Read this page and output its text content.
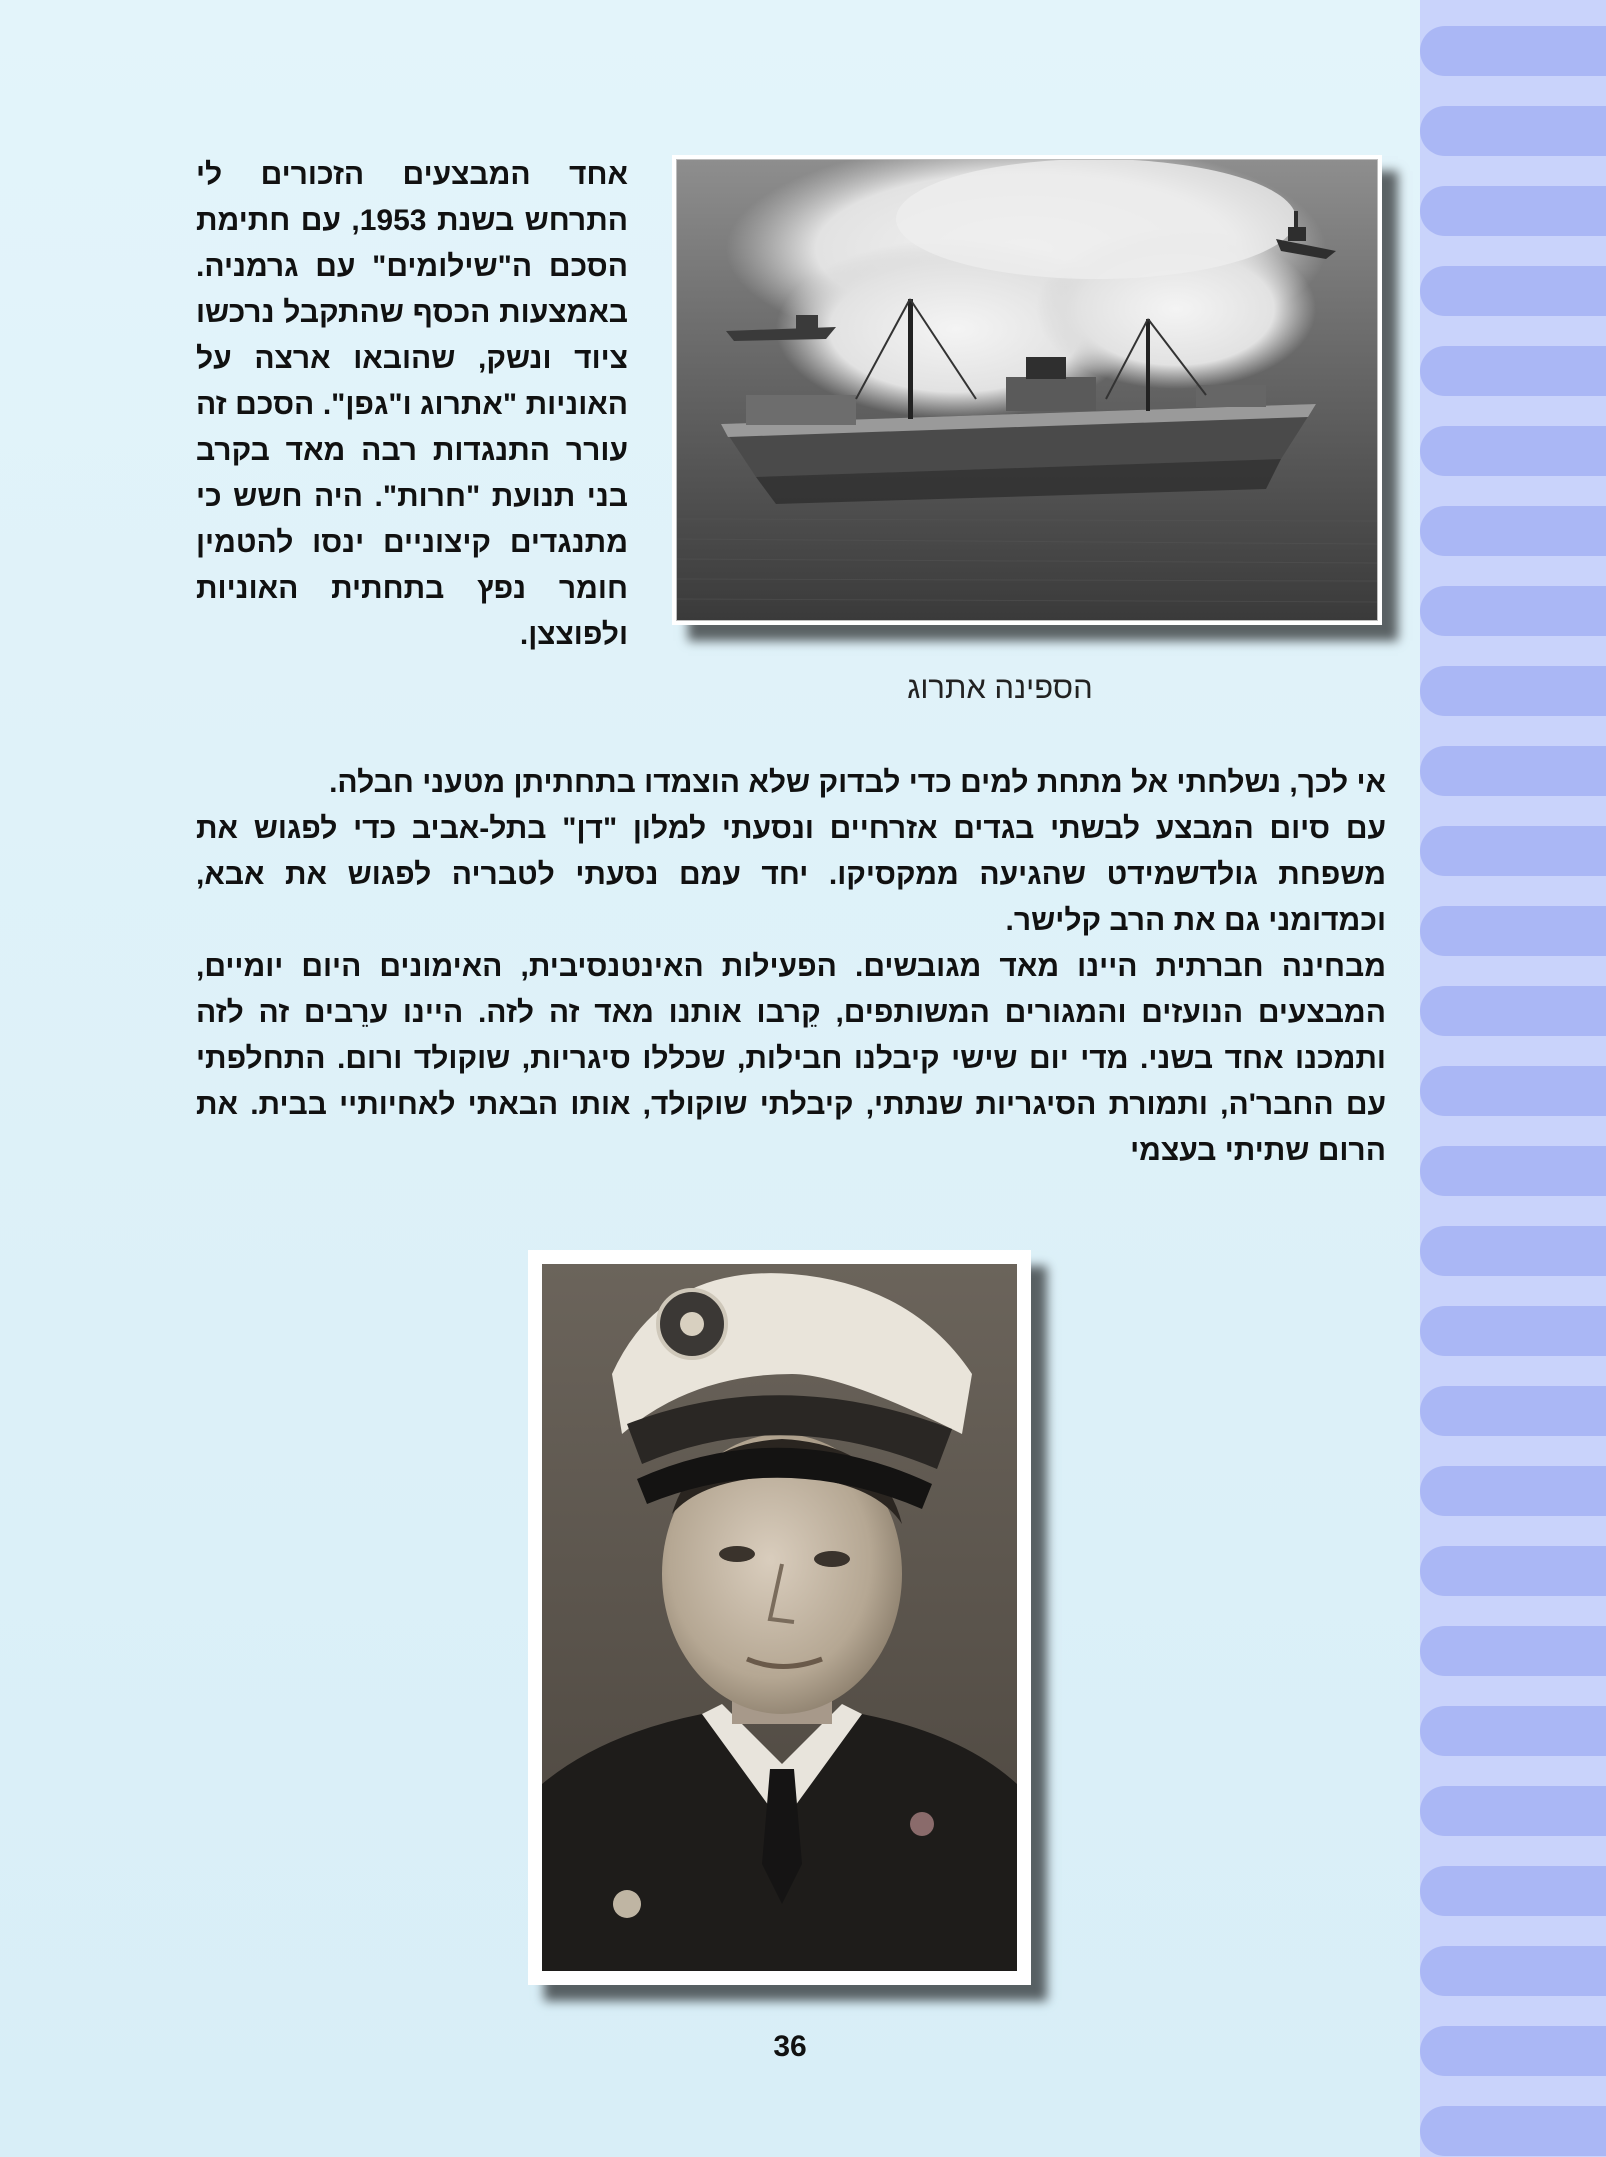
אחד המבצעים הזכורים לי התרחש בשנת 1953, עם חתימת הסכם ה"שילומים" עם גרמניה. באמצעות הכסף שהתקבל נרכשו ציוד ונשק, שהובאו ארצה על האוניות "אתרוג ו"גפן". הסכם זה עורר התנגדות רבה מאד בקרב בני תנועת "חרות". היה חשש כי מתנגדים קיצוניים ינסו להטמין חומר נפץ בתחתית האוניות ולפוצצן.

הספינה אתרוג

אי לכך, נשלחתי אל מתחת למים כדי לבדוק שלא הוצמדו בתחתיתן מטעני חבלה.

עם סיום המבצע לבשתי בגדים אזרחיים ונסעתי למלון "דן" בתל-אביב כדי לפגוש את משפחת גולדשמידט שהגיעה ממקסיקו. יחד עמם נסעתי לטבריה לפגוש את אבא, וכמדומני גם את הרב קלישר.

מבחינה חברתית היינו מאד מגובשים. הפעילות האינטנסיבית, האימונים היום יומיים, המבצעים הנועזים והמגורים המשותפים, קֵרבו אותנו מאד זה לזה. היינו ערֵבים זה לזה ותמכנו אחד בשני. מדי יום שישי קיבלנו חבילות, שכללו סיגריות, שוקולד ורום. התחלפתי עם החבר'ה, ותמורת הסיגריות שנתתי, קיבלתי שוקולד, אותו הבאתי לאחיותיי בבית. את הרום שתיתי בעצמי

36
